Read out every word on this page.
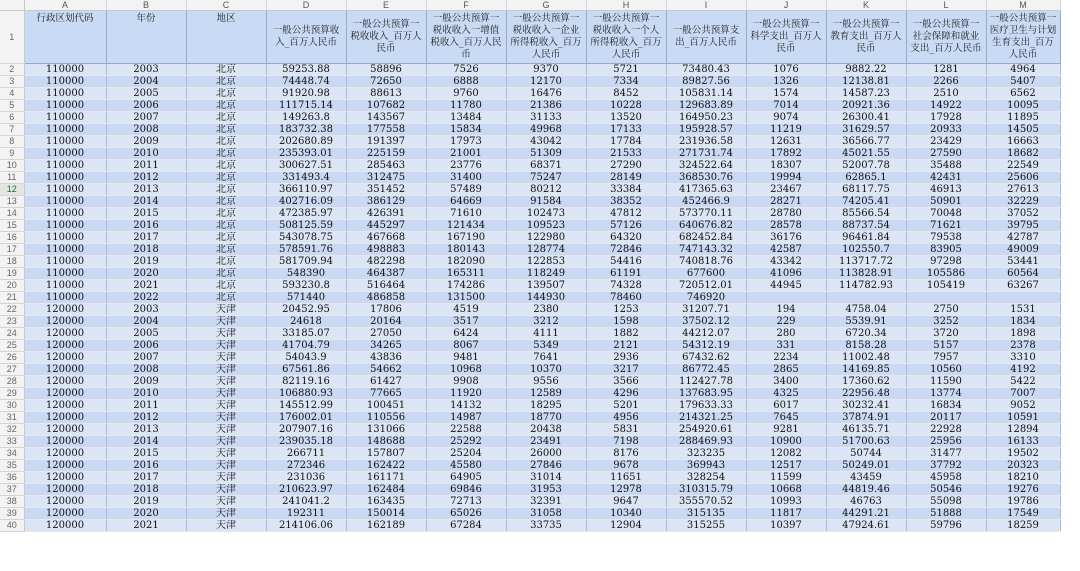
	A	B	C	D	E	F	G	H	I	J	K	L	M
1	行政区划代码	年份	地区	一般公共预算收入_百万人民币	一般公共预算一税收收入_百万人民币	一般公共预算一税收收入一增值税收入_百万人民币	一般公共预算一税收收入一企业所得税收入_百万人民币	一般公共预算一税收收入一个人所得税收入_百万人民币	一般公共预算支出_百万人民币	一般公共预算一科学支出_百万人民币	一般公共预算一教育支出_百万人民币	一般公共预算一社会保障和就业支出_百万人民币	一般公共预算一医疗卫生与计划生育支出_百万人民币
2	110000	2003	北京	59253.88	58896	7526	9370	5721	73480.43	1076	9882.22	1281	4964
3	110000	2004	北京	74448.74	72650	6888	12170	7334	89827.56	1326	12138.81	2266	5407
4	110000	2005	北京	91920.98	88613	9760	16476	8452	105831.14	1574	14587.23	2510	6562
5	110000	2006	北京	111715.14	107682	11780	21386	10228	129683.89	7014	20921.36	14922	10095
6	110000	2007	北京	149263.8	143567	13484	31133	13520	164950.23	9074	26300.41	17928	11895
7	110000	2008	北京	183732.38	177558	15834	49968	17133	195928.57	11219	31629.57	20933	14505
8	110000	2009	北京	202680.89	191397	17973	43042	17784	231936.58	12631	36566.77	23429	16663
9	110000	2010	北京	235393.01	225159	21001	51309	21533	271731.74	17892	45021.55	27590	18682
10	110000	2011	北京	300627.51	285463	23776	68371	27290	324522.64	18307	52007.78	35488	22549
11	110000	2012	北京	331493.4	312475	31400	75247	28149	368530.76	19994	62865.1	42431	25606
12	110000	2013	北京	366110.97	351452	57489	80212	33384	417365.63	23467	68117.75	46913	27613
13	110000	2014	北京	402716.09	386129	64669	91584	38352	452466.9	28271	74205.41	50901	32229
14	110000	2015	北京	472385.97	426391	71610	102473	47812	573770.11	28780	85566.54	70048	37052
15	110000	2016	北京	508125.59	445297	121434	109523	57126	640676.82	28578	88737.54	71621	39795
16	110000	2017	北京	543078.75	467668	167190	122980	64320	682452.84	36176	96461.84	79538	42787
17	110000	2018	北京	578591.76	498883	180143	128774	72846	747143.32	42587	102550.7	83905	49009
18	110000	2019	北京	581709.94	482298	182090	122853	54416	740818.76	43342	113717.72	97298	53441
19	110000	2020	北京	548390	464387	165311	118249	61191	677600	41096	113828.91	105586	60564
20	110000	2021	北京	593230.8	516464	174286	139507	74328	720512.01	44945	114782.93	105419	63267
21	110000	2022	北京	571440	486858	131500	144930	78460	746920				
22	120000	2003	天津	20452.95	17806	4519	2380	1253	31207.71	194	4758.04	2750	1531
23	120000	2004	天津	24618	20164	3517	3212	1598	37502.12	229	5539.91	3252	1834
24	120000	2005	天津	33185.07	27050	6424	4111	1882	44212.07	280	6720.34	3720	1898
25	120000	2006	天津	41704.79	34265	8067	5349	2121	54312.19	331	8158.28	5157	2378
26	120000	2007	天津	54043.9	43836	9481	7641	2936	67432.62	2234	11002.48	7957	3310
27	120000	2008	天津	67561.86	54662	10968	10370	3217	86772.45	2865	14169.85	10560	4192
28	120000	2009	天津	82119.16	61427	9908	9556	3566	112427.78	3400	17360.62	11590	5422
29	120000	2010	天津	106880.93	77665	11920	12589	4296	137683.95	4325	22956.48	13774	7007
30	120000	2011	天津	145512.99	100451	14132	18295	5201	179633.33	6017	30232.41	16834	9052
31	120000	2012	天津	176002.01	110556	14987	18770	4956	214321.25	7645	37874.91	20117	10591
32	120000	2013	天津	207907.16	131066	22588	20438	5831	254920.61	9281	46135.71	22928	12894
33	120000	2014	天津	239035.18	148688	25292	23491	7198	288469.93	10900	51700.63	25956	16133
34	120000	2015	天津	266711	157807	25204	26000	8176	323235	12082	50744	31477	19502
35	120000	2016	天津	272346	162422	45580	27846	9678	369943	12517	50249.01	37792	20323
36	120000	2017	天津	231036	161171	64905	31014	11651	328254	11599	43459	45958	18210
37	120000	2018	天津	210623.97	162484	69846	31953	12978	310315.79	10668	44819.46	50546	19276
38	120000	2019	天津	241041.2	163435	72713	32391	9647	355570.52	10993	46763	55098	19786
39	120000	2020	天津	192311	150014	65026	31058	10340	315135	11817	44291.21	51888	17549
40	120000	2021	天津	214106.06	162189	67284	33735	12904	315255	10397	47924.61	59796	18259
